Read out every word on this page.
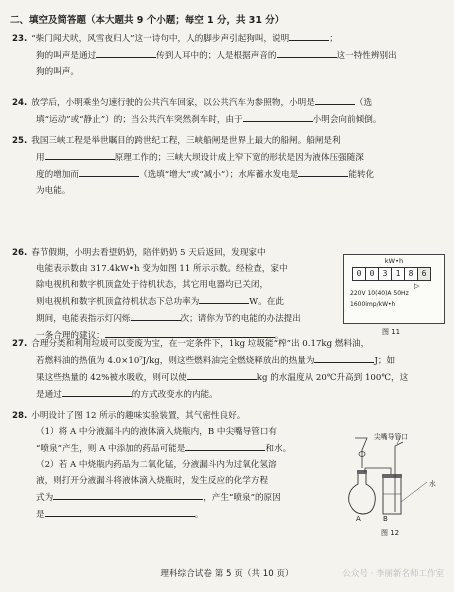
二、填空及简答题（本大题共 9 个小题；每空 1 分，共 31 分）
23. “柴门闻犬吠，风雪夜归人”这一诗句中，人的脚步声引起狗叫，说明	；
狗的叫声是通过	传到人耳中的；人是根据声音的	这一特性辨别出
狗的叫声。
24. 放学后，小明乘坐匀速行驶的公共汽车回家，以公共汽车为参照物，小明是	（选
填“运动”或“静止”）的；当公共汽车突然刹车时，由于	小明会向前倾倒。
25. 我国三峡工程是举世瞩目的跨世纪工程，三峡船闸是世界上最大的船闸。船闸是利
用	原理工作的；三峡大坝设计成上窄下宽的形状是因为液体压强随深
度的增加而	（选填“增大”或“减小”）；水库蓄水发电是	能转化
为电能。
26. 春节假期，小明去看望奶奶，陪伴奶奶 5 天后返回，发现家中
电能表示数由 317.4kW•h 变为如图 11 所示示数。经检查，家中
除电视机和数字机顶盒处于待机状态，其它用电器均已关闭，
则电视机和数字机顶盒待机状态下总功率为	W。在此
期间，电能表指示灯闪烁	次；请你为节约电能的办法提出
一条合理的建议：	。
kW•h
0	0	3	1	8	6
▷
220V 10(40)A 50Hz
1600imp/kW•h
图 11
27. 合理分类和利用垃圾可以变废为宝，在一定条件下，1kg 垃圾能“榨”出 0.17kg 燃料油，
若燃料油的热值为 4.0×10⁷J/kg，则这些燃料油完全燃烧释放出的热量为	J；如
果这些热量的 42%被水吸收，则可以使	kg 的水温度从 20℃升高到 100℃，这
是通过	的方式改变水的内能。
28. 小明设计了图 12 所示的趣味实验装置，其气密性良好。
（1）将 A 中分液漏斗内的液体滴入烧瓶内，B 中尖嘴导管口有
“喷泉”产生，则 A 中添加的药品可能是	和水。
（2）若 A 中烧瓶内药品为二氧化锰，分液漏斗内为过氧化氢溶
液，则打开分液漏斗将液体滴入烧瓶时，发生反应的化学方程
式为	，产生“喷泉”的原因
是	。
尖嘴导管口
水
A	B
图 12
理科综合试卷 第 5 页（共 10 页）	公众号 · 李丽新名师工作室
